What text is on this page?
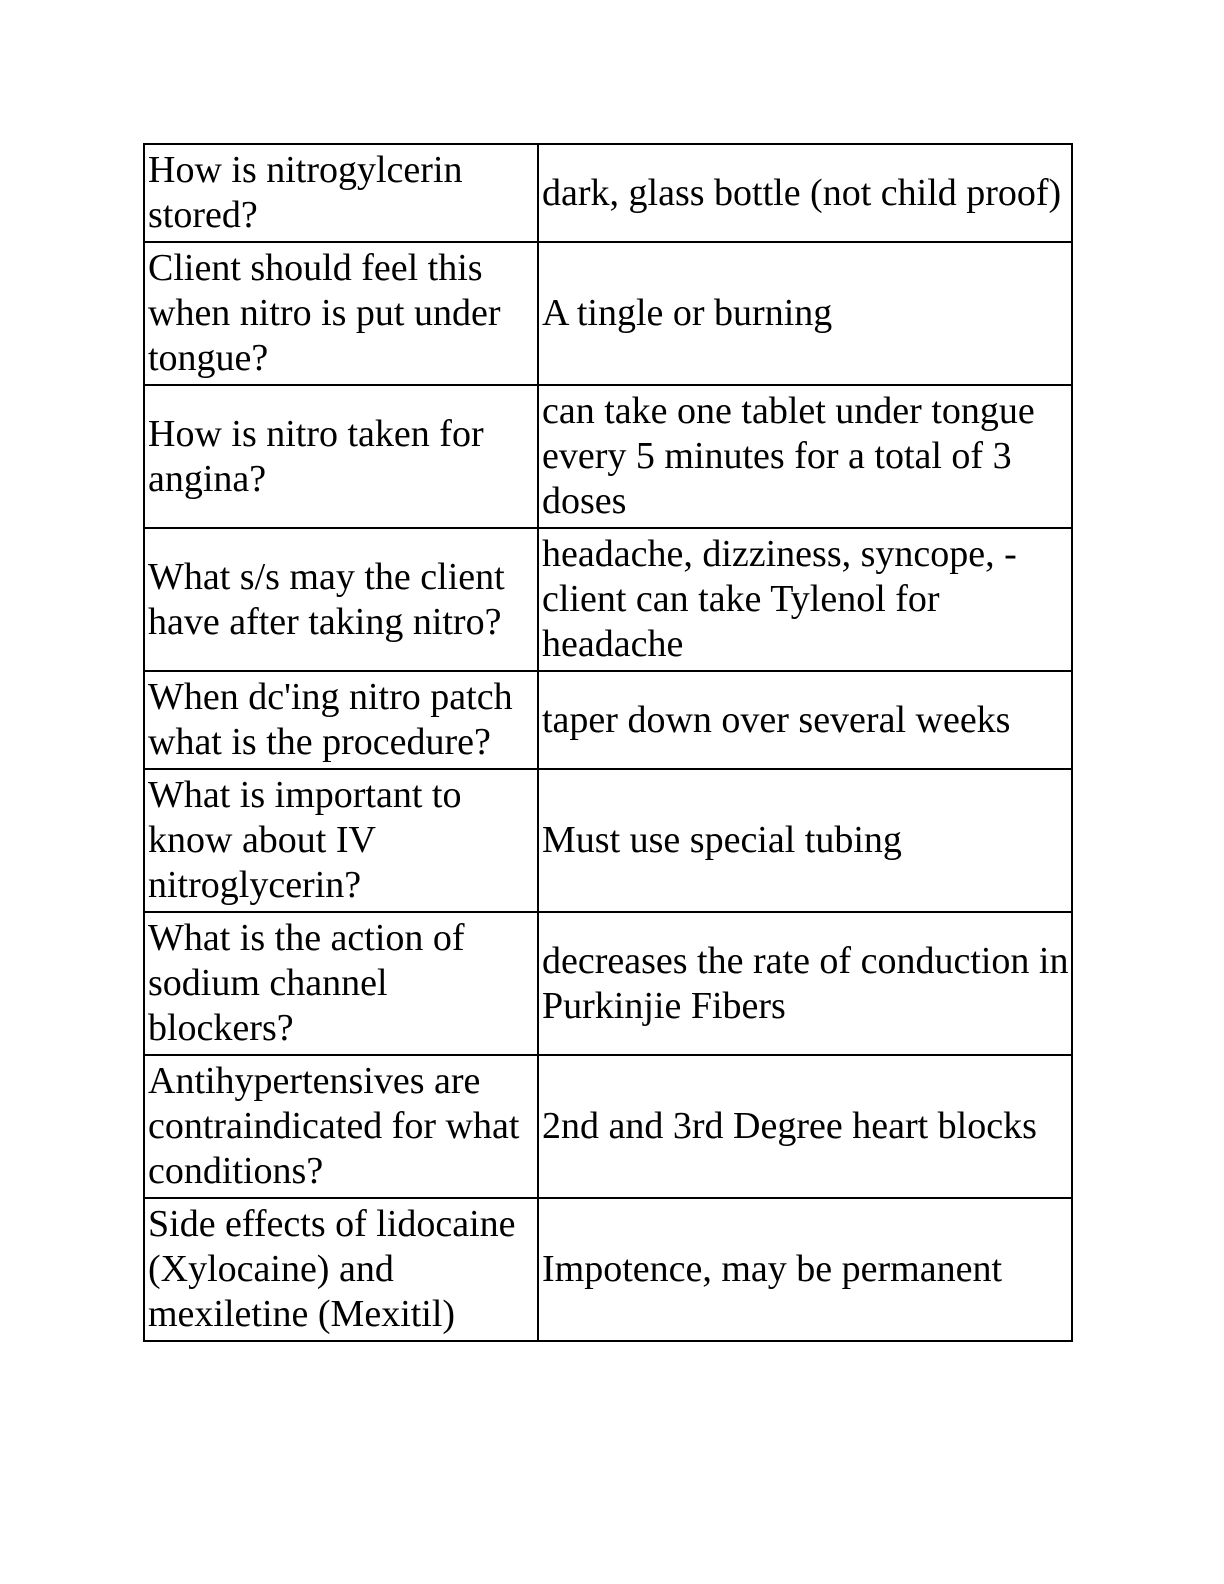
How is nitrogylcerin stored?	dark, glass bottle (not child proof)
Client should feel this when nitro is put under tongue?	A tingle or burning
How is nitro taken for angina?	can take one tablet under tongue every 5 minutes for a total of 3 doses
What s/s may the client have after taking nitro?	headache, dizziness, syncope, -client can take Tylenol for headache
When dc'ing nitro patch what is the procedure?	taper down over several weeks
What is important to know about IV nitroglycerin?	Must use special tubing
What is the action of sodium channel blockers?	decreases the rate of conduction in Purkinjie Fibers
Antihypertensives are contraindicated for what conditions?	2nd and 3rd Degree heart blocks
Side effects of lidocaine (Xylocaine) and mexiletine (Mexitil)	Impotence, may be permanent
